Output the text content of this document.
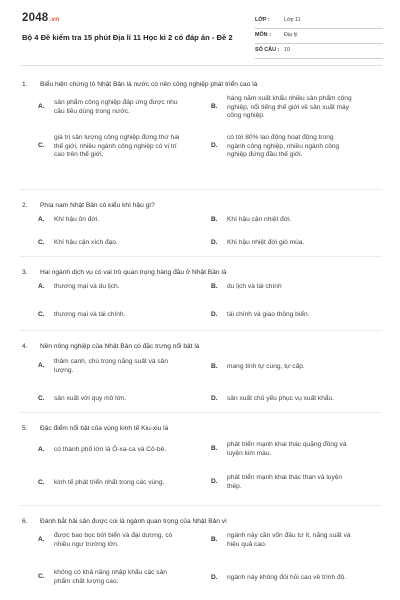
2048.vn
Bộ 4 Đề kiểm tra 15 phút Địa lí 11 Học kì 2 có đáp án - Đề 2
LỚP :	Lớp 11
MÔN : Địa lý
SỐ CÂU : 10
1. Biểu hiện chứng tỏ Nhật Bản là nước có nền công nghiệp phát triển cao là
A.
sản phẩm công nghiệp đáp ứng được nhu
cầu tiêu dùng trong nước.
B.
hàng năm xuất khẩu nhiều sản phẩm công
nghiệp, nổi tiếng thế giới về sản xuất máy
công nghiệp.
C.
giá trị sản lượng công nghiệp đứng thứ hai
thế giới, nhiều ngành công nghiệp có vị trí
cao trên thế giới.
D.
có tới 80% lao động hoạt động trong
ngành công nghiệp, nhiều ngành công
nghiệp đứng đầu thế giới.
2. Phía nam Nhật Bản có kiểu khí hậu gì?
A. Khí hậu ôn đới.	B. Khí hậu cận nhiệt đới.
C. Khí hậu cận xích đạo.	D. Khí hậu nhiệt đới gió mùa.
3. Hai ngành dịch vụ có vai trò quan trọng hàng đầu ở Nhật Bản là
A. thương mại và du lịch.	B. du lịch và tài chính
C. thương mại và tài chính.	D. tài chính và giao thông biển.
4. Nền nông nghiệp của Nhật Bản có đặc trưng nổi bật là
A.
thâm canh, chú trọng năng suất và sản
lượng.
B. mang tính tự cung, tự cấp.
C. sản xuất với quy mô lớn.	D. sản xuất chủ yếu phục vụ xuất khẩu.
5. Đặc điểm nổi bật của vùng kinh tế Kiu-xiu là
A. có thành phố lớn là Ô-xa-ca và Cô-bê.	B.
phát triển mạnh khai thác quặng đồng và
luyện kim màu.
C. kinh tế phát triển nhất trong các vùng.	D.
phát triển mạnh khai thác than và luyện
thép.
6. Đánh bắt hải sản được coi là ngành quan trọng của Nhật Bản vì
A.
được bao bọc bởi biển và đại dương, có
nhiều ngư trường lớn.
B.
ngành này cần vốn đầu tư ít, năng suất và
hiệu quả cao.
C.
không có khả năng nhập khẩu các sản
phẩm chất lượng cao.
D. ngành này không đòi hỏi cao về trình độ.
